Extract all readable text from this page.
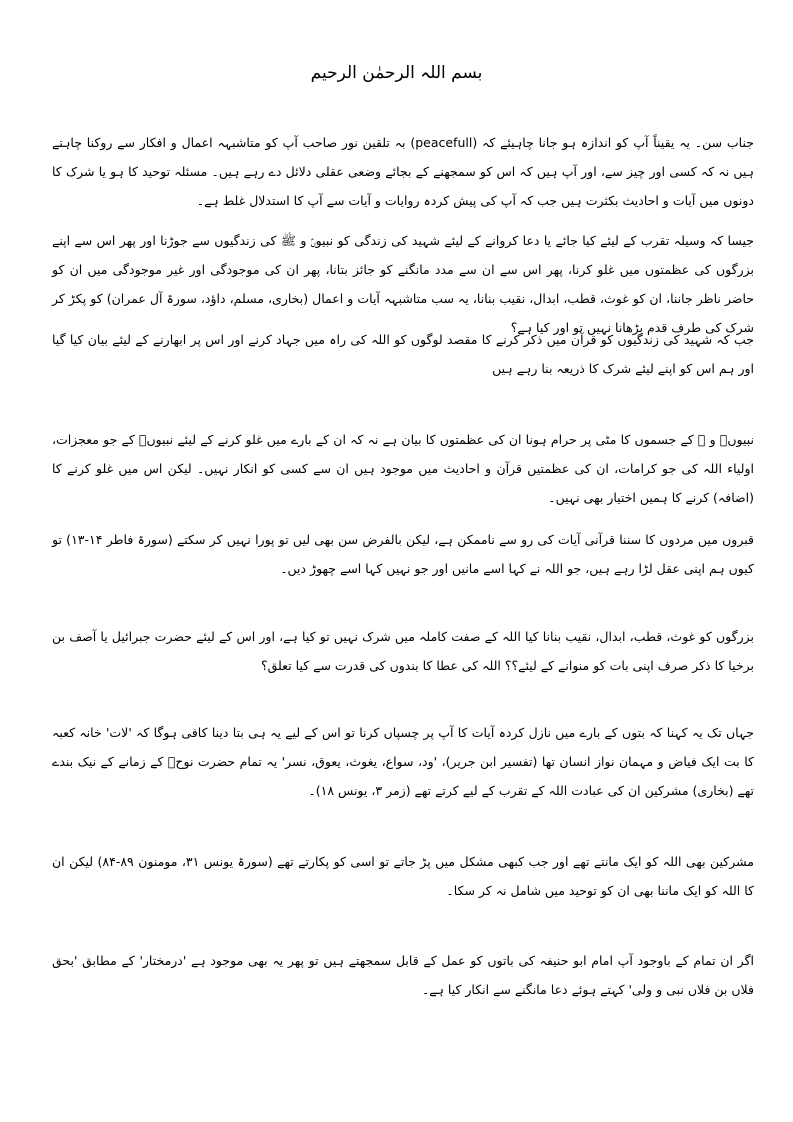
بسم اللہ الرحمٰن الرحیم
جناب سن۔ یہ یقیناً آپ کو اندازہ ہو جانا چاہیئے کہ (peacefull) بہ تلقین نور صاحب آپ کو متاشبہہ اعمال و افکار سے روکنا چاہتے ہیں نہ کہ کسی اور چیز سے، اور آپ ہیں کہ اس کو سمجھنے کے بجائے وضعی عقلی دلائل دے رہے ہیں۔ مسئلہ توحید کا ہو یا شرک کا دونوں میں آیات و احادیث بکثرت ہیں جب کہ آپ کی پیش کردہ روایات و آیات سے آپ کا استدلال غلط ہے۔
جیسا کہ وسیلہ تقرب کے لیئے کیا جائے یا دعا کروانے کے لیئے شہید کی زندگی کو نبیوںؑ و ﷺ کی زندگیوں سے جوڑنا اور پھر اس سے اپنے بزرگوں کی عظمتوں میں غلو کرنا، پھر اس سے ان سے مدد مانگنے کو جائز بتانا، پھر ان کی موجودگی اور غیر موجودگی میں ان کو حاضر ناظر جاننا، ان کو غوث، قطب، ابدال، نقیب بنانا، یہ سب متاشبہہ آیات و اعمال (بخاری، مسلم، داؤد، سورۃ آل عمران) کو پکڑ کر شرک کی طرف قدم بڑھانا نہیں تو اور کیا ہے؟
جب کہ شہید کی زندگیوں کو قرآن میں ذکر کرنے کا مقصد لوگوں کو اللہ کی راہ میں جہاد کرنے اور اس پر ابھارنے کے لیئے بیان کیا گیا اور ہم اس کو اپنے لیئے شرک کا ذریعہ بنا رہے ہیں
نبیوںؑ و ﷺ کے جسموں کا مٹی پر حرام ہونا ان کی عظمتوں کا بیان ہے نہ کہ ان کے بارے میں غلو کرنے کے لیئے نبیوںؑ کے جو معجزات، اولیاء اللہ کی جو کرامات، ان کی عظمتیں قرآن و احادیث میں موجود ہیں ان سے کسی کو انکار نہیں۔ لیکن اس میں غلو کرنے کا (اضافہ) کرنے کا ہمیں اختیار بھی نہیں۔
قبروں میں مردوں کا سننا قرآنی آیات کی رو سے ناممکن ہے، لیکن بالفرض سن بھی لیں تو پورا نہیں کر سکتے (سورۃ فاطر ۱۴-۱۳) تو کیوں ہم اپنی عقل لڑا رہے ہیں، جو اللہ نے کہا اسے مانیں اور جو نہیں کہا اسے چھوڑ دیں۔
بزرگوں کو غوث، قطب، ابدال، نقیب بنانا کیا اللہ کے صفت کاملہ میں شرک نہیں تو کیا ہے، اور اس کے لیئے حضرت جبرائیل یا آصف بن برخیا کا ذکر صرف اپنی بات کو منوانے کے لیئے؟؟ اللہ کی عطا کا بندوں کی قدرت سے کیا تعلق؟
جہاں تک یہ کہنا کہ بتوں کے بارے میں نازل کردہ آیات کا آپ پر چسپاں کرنا تو اس کے لیے یہ ہی بتا دینا کافی ہوگا کہ 'لات' خانہ کعبہ کا بت ایک فیاض و مہمان نواز انسان تھا (تفسیر ابن جریر)، 'ود، سواع، یغوث، یعوق، نسر' یہ تمام حضرت نوحؑ کے زمانے کے نیک بندے تھے (بخاری) مشرکین ان کی عبادت اللہ کے تقرب کے لیے کرتے تھے (زمر ۳، یونس ۱۸)۔
مشرکین بھی اللہ کو ایک مانتے تھے اور جب کبھی مشکل میں پڑ جاتے تو اسی کو پکارتے تھے (سورۃ یونس ۳۱، مومنون ۸۹-۸۴) لیکن ان کا اللہ کو ایک ماننا بھی ان کو توحید میں شامل نہ کر سکا۔
اگر ان تمام کے باوجود آپ امام ابو حنیفہ کی باتوں کو عمل کے قابل سمجھتے ہیں تو پھر یہ بھی موجود ہے 'درمختار' کے مطابق 'بحق فلاں بن فلاں نبی و ولی' کہتے ہوئے دعا مانگنے سے انکار کیا ہے۔
